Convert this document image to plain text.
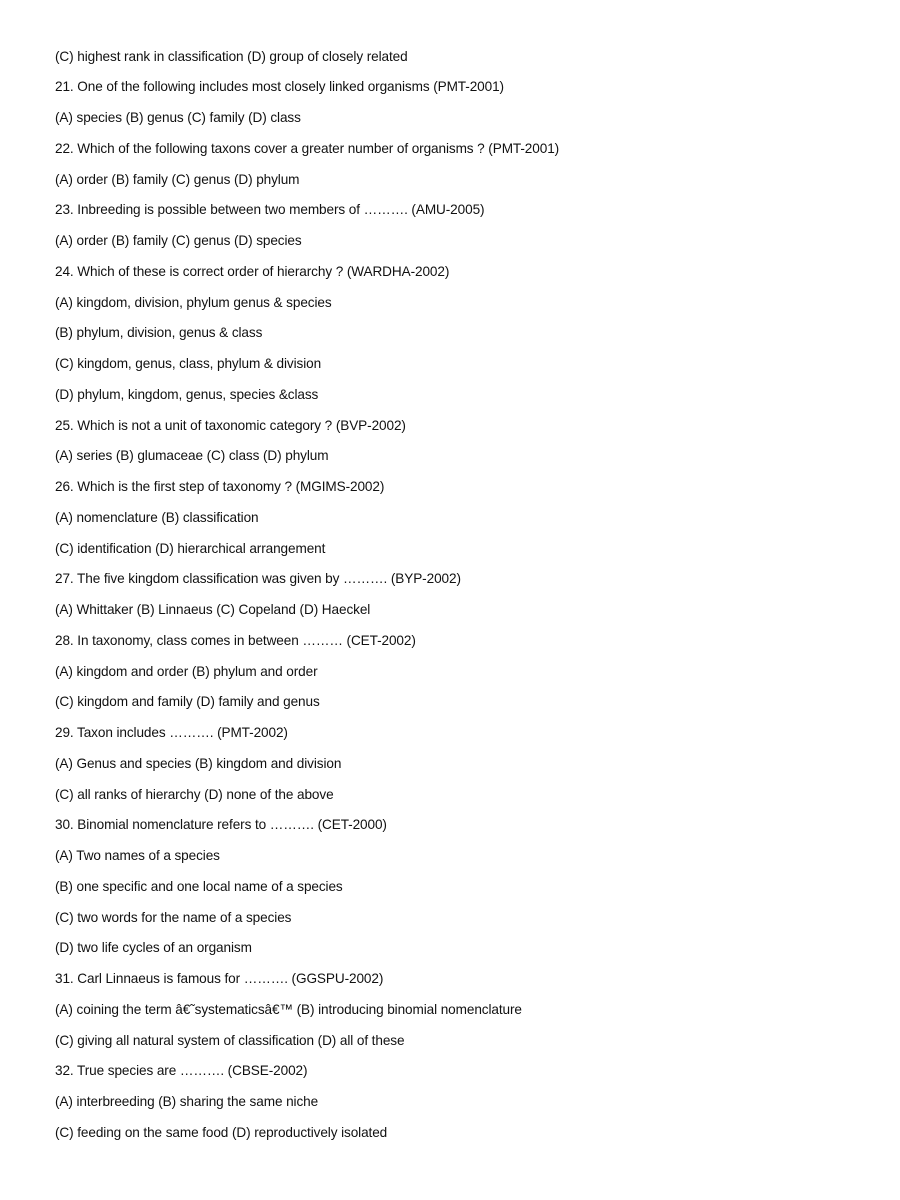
(C) highest rank in classification (D) group of closely related
21. One of the following includes most closely linked organisms (PMT-2001)
(A) species (B) genus (C) family (D) class
22. Which of the following taxons cover a greater number of organisms ? (PMT-2001)
(A) order (B) family (C) genus (D) phylum
23. Inbreeding is possible between two members of ………. (AMU-2005)
(A) order (B) family (C) genus (D) species
24. Which of these is correct order of hierarchy ? (WARDHA-2002)
(A) kingdom, division, phylum genus & species
(B) phylum, division, genus & class
(C) kingdom, genus, class, phylum & division
(D) phylum, kingdom, genus, species &class
25. Which is not a unit of taxonomic category ? (BVP-2002)
(A) series (B) glumaceae (C) class (D) phylum
26. Which is the first step of taxonomy ? (MGIMS-2002)
(A) nomenclature (B) classification
(C) identification (D) hierarchical arrangement
27. The five kingdom classification was given by ………. (BYP-2002)
(A) Whittaker (B) Linnaeus (C) Copeland (D) Haeckel
28. In taxonomy, class comes in between ……… (CET-2002)
(A) kingdom and order (B) phylum and order
(C) kingdom and family (D) family and genus
29. Taxon includes ………. (PMT-2002)
(A) Genus and species (B) kingdom and division
(C) all ranks of hierarchy (D) none of the above
30. Binomial nomenclature refers to ………. (CET-2000)
(A) Two names of a species
(B) one specific and one local name of a species
(C) two words for the name of a species
(D) two life cycles of an organism
31. Carl Linnaeus is famous for ………. (GGSPU-2002)
(A) coining the term â€˜systematicsâ€™ (B) introducing binomial nomenclature
(C) giving all natural system of classification (D) all of these
32. True species are ………. (CBSE-2002)
(A) interbreeding (B) sharing the same niche
(C) feeding on the same food (D) reproductively isolated
